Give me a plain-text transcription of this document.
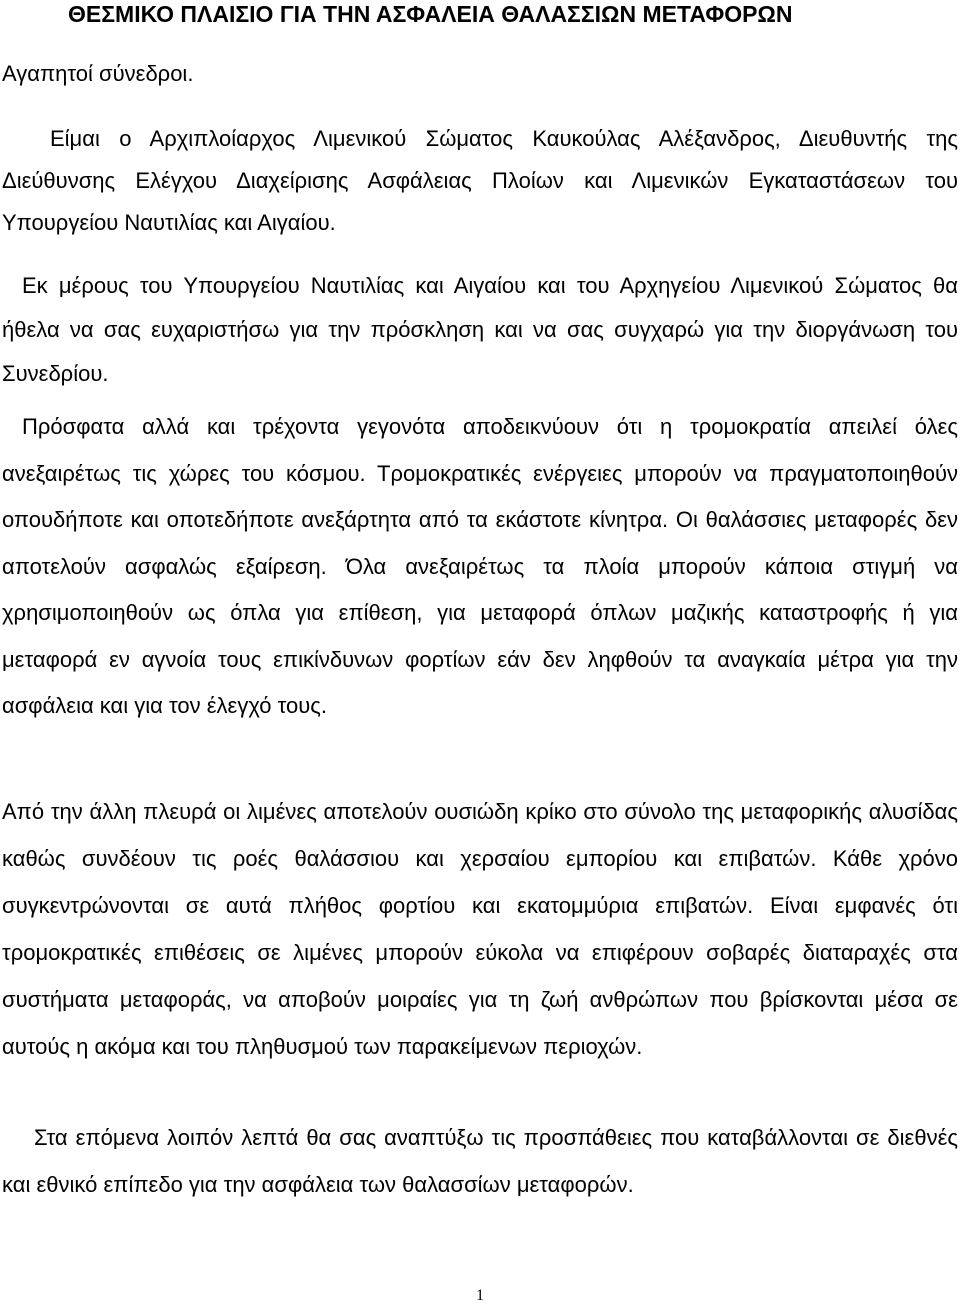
ΘΕΣΜΙΚΟ ΠΛΑΙΣΙΟ ΓΙΑ ΤΗΝ ΑΣΦΑΛΕΙΑ ΘΑΛΑΣΣΙΩΝ ΜΕΤΑΦΟΡΩΝ

Αγαπητοί σύνεδροι.

Είμαι ο Αρχιπλοίαρχος Λιμενικού Σώματος Καυκούλας Αλέξανδρος, Διευθυντής της Διεύθυνσης Ελέγχου Διαχείρισης Ασφάλειας Πλοίων και Λιμενικών Εγκαταστάσεων του Υπουργείου Ναυτιλίας και Αιγαίου.

Εκ μέρους του Υπουργείου Ναυτιλίας και Αιγαίου και του Αρχηγείου Λιμενικού Σώματος θα ήθελα να σας ευχαριστήσω για την πρόσκληση και να σας συγχαρώ για την διοργάνωση του Συνεδρίου.

Πρόσφατα αλλά και τρέχοντα γεγονότα αποδεικνύουν ότι η τρομοκρατία απειλεί όλες ανεξαιρέτως τις χώρες του κόσμου. Τρομοκρατικές ενέργειες μπορούν να πραγματοποιηθούν οπουδήποτε και οποτεδήποτε ανεξάρτητα από τα εκάστοτε κίνητρα. Οι θαλάσσιες μεταφορές δεν αποτελούν ασφαλώς εξαίρεση. Όλα ανεξαιρέτως τα πλοία μπορούν κάποια στιγμή να χρησιμοποιηθούν ως όπλα για επίθεση, για μεταφορά όπλων μαζικής καταστροφής ή για μεταφορά εν αγνοία τους επικίνδυνων φορτίων εάν δεν ληφθούν τα αναγκαία μέτρα για την ασφάλεια και για τον έλεγχό τους.

Από την άλλη πλευρά οι λιμένες αποτελούν ουσιώδη κρίκο στο σύνολο της μεταφορικής αλυσίδας καθώς συνδέουν τις ροές θαλάσσιου και χερσαίου εμπορίου και επιβατών. Κάθε χρόνο συγκεντρώνονται σε αυτά πλήθος φορτίου και εκατομμύρια επιβατών. Είναι εμφανές ότι τρομοκρατικές επιθέσεις σε λιμένες μπορούν εύκολα να επιφέρουν σοβαρές διαταραχές στα συστήματα μεταφοράς, να αποβούν μοιραίες για τη ζωή ανθρώπων που βρίσκονται μέσα σε αυτούς η ακόμα και του πληθυσμού των παρακείμενων περιοχών.

Στα επόμενα λοιπόν λεπτά θα σας αναπτύξω τις προσπάθειες που καταβάλλονται σε διεθνές και εθνικό επίπεδο για την ασφάλεια των θαλασσίων μεταφορών.

1
